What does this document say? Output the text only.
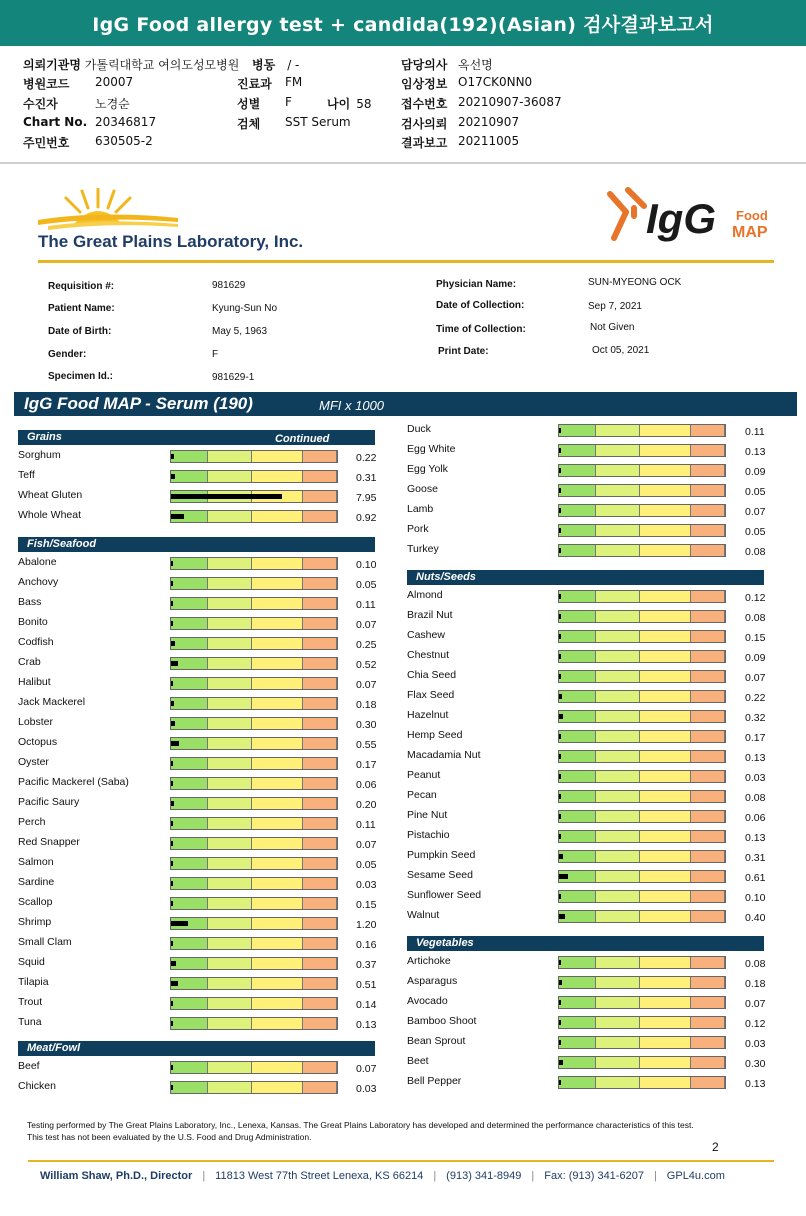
IgG Food allergy test + candida(192)(Asian) 검사결과보고서
의뢰기관명 가톨릭대학교 여의도성모병원
병원코드 20007
수진자	노경순
Chart No. 20346817
주민번호 630505-2
병동 / -
진료과 FM
성별 F	나이 58
검체 SST Serum
담당의사 옥선명
임상정보 O17CK0NN0
접수번호 20210907-36087
검사의뢰 20210907
결과보고 20211005
The Great Plains Laboratory, Inc.	IgG Food
MAP
Requisition #:	981629
Patient Name:	Kyung-Sun No
Date of Birth:	May 5, 1963
Gender:	F
Specimen Id.:	981629-1
Physician Name:	SUN-MYEONG OCK
Date of Collection:	Sep 7, 2021
Time of Collection:	Not Given
Print Date:	Oct 05, 2021
IgG Food MAP - Serum (190)	MFI x 1000
Grains	Continued
Sorghum	0.22
Teff	0.31
Wheat Gluten	7.95
Whole Wheat	0.92
Fish/Seafood
Abalone	0.10
Anchovy	0.05
Bass	0.11
Bonito	0.07
Codfish	0.25
Crab	0.52
Halibut	0.07
Jack Mackerel	0.18
Lobster	0.30
Octopus	0.55
Oyster	0.17
Pacific Mackerel (Saba)	0.06
Pacific Saury	0.20
Perch	0.11
Red Snapper	0.07
Salmon	0.05
Sardine	0.03
Scallop	0.15
Shrimp	1.20
Small Clam	0.16
Squid	0.37
Tilapia	0.51
Trout	0.14
Tuna	0.13
Meat/Fowl
Beef	0.07
Chicken	0.03
Duck	0.11
Egg White	0.13
Egg Yolk	0.09
Goose	0.05
Lamb	0.07
Pork	0.05
Turkey	0.08
Nuts/Seeds
Almond	0.12
Brazil Nut	0.08
Cashew	0.15
Chestnut	0.09
Chia Seed	0.07
Flax Seed	0.22
Hazelnut	0.32
Hemp Seed	0.17
Macadamia Nut	0.13
Peanut	0.03
Pecan	0.08
Pine Nut	0.06
Pistachio	0.13
Pumpkin Seed	0.31
Sesame Seed	0.61
Sunflower Seed	0.10
Walnut	0.40
Vegetables
Artichoke	0.08
Asparagus	0.18
Avocado	0.07
Bamboo Shoot	0.12
Bean Sprout	0.03
Beet	0.30
Bell Pepper	0.13
Testing performed by The Great Plains Laboratory, Inc., Lenexa, Kansas. The Great Plains Laboratory has developed and determined the performance characteristics of this test. This test has not been evaluated by the U.S. Food and Drug Administration.
2
William Shaw, Ph.D., Director | 11813 West 77th Street Lenexa, KS 66214 | (913) 341-8949 | Fax: (913) 341-6207 | GPL4u.com
